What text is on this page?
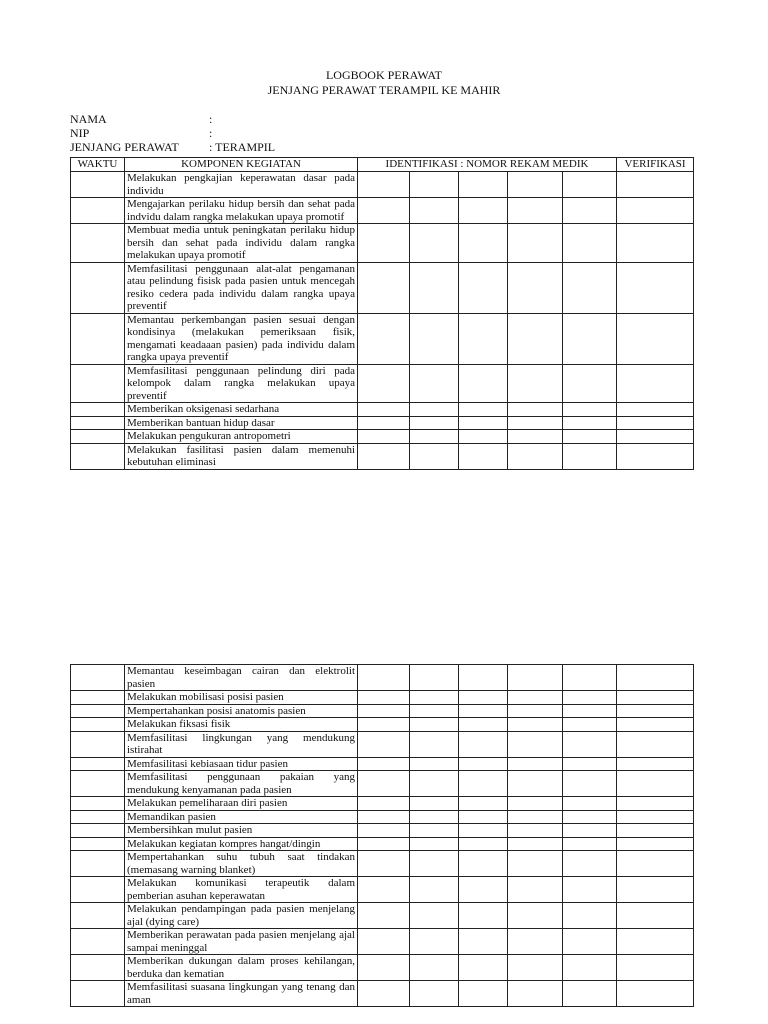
LOGBOOK PERAWAT
JENJANG PERAWAT TERAMPIL KE MAHIR
NAMA	:
NIP	:
JENJANG PERAWAT	: TERAMPIL
WAKTU	KOMPONEN KEGIATAN	IDENTIFIKASI : NOMOR REKAM MEDIK					VERIFIKASI
	Melakukan pengkajian keperawatan dasar pada individu						
	Mengajarkan perilaku hidup bersih dan sehat pada indvidu dalam rangka melakukan upaya promotif						
	Membuat media untuk peningkatan perilaku hidup bersih dan sehat pada individu dalam rangka melakukan upaya promotif						
	Memfasilitasi penggunaan alat-alat pengamanan atau pelindung fisisk pada pasien untuk mencegah resiko cedera pada individu dalam rangka upaya preventif						
	Memantau perkembangan pasien sesuai dengan kondisinya (melakukan pemeriksaan fisik, mengamati keadaaan pasien) pada individu dalam rangka upaya preventif						
	Memfasilitasi penggunaan pelindung diri pada kelompok dalam rangka melakukan upaya preventif						
	Memberikan oksigenasi sedarhana						
	Memberikan bantuan hidup dasar						
	Melakukan pengukuran antropometri						
	Melakukan fasilitasi pasien dalam memenuhi kebutuhan eliminasi						
	Memantau keseimbagan cairan dan elektrolit pasien						
	Melakukan mobilisasi posisi pasien						
	Mempertahankan posisi anatomis pasien						
	Melakukan fiksasi fisik						
	Memfasilitasi lingkungan yang mendukung istirahat						
	Memfasilitasi kebiasaan tidur pasien						
	Memfasilitasi penggunaan pakaian yang mendukung kenyamanan pada pasien						
	Melakukan pemeliharaan diri pasien						
	Memandikan pasien						
	Membersihkan mulut pasien						
	Melakukan kegiatan kompres hangat/dingin						
	Mempertahankan suhu tubuh saat tindakan (memasang warning blanket)						
	Melakukan komunikasi terapeutik dalam pemberian asuhan keperawatan						
	Melakukan pendampingan pada pasien menjelang ajal (dying care)						
	Memberikan perawatan pada pasien menjelang ajal sampai meninggal						
	Memberikan dukungan dalam proses kehilangan, berduka dan kematian						
	Memfasilitasi suasana lingkungan yang tenang dan aman						
